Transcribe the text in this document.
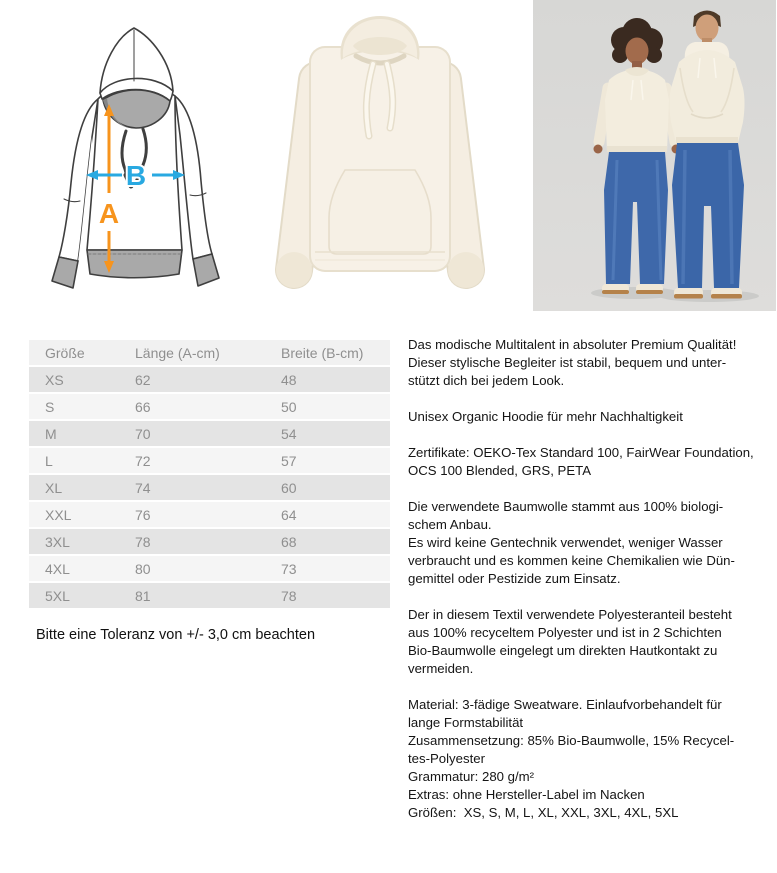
A
B
Größe	Länge (A-cm)	Breite (B-cm)
XS	62	48
S	66	50
M	70	54
L	72	57
XL	74	60
XXL	76	64
3XL	78	68
4XL	80	73
5XL	81	78
Bitte eine Toleranz von +/- 3,0 cm beachten
Das modische Multitalent in absoluter Premium Qualität!
Dieser stylische Begleiter ist stabil, bequem und unter-
stützt dich bei jedem Look.
Unisex Organic Hoodie für mehr Nachhaltigkeit
Zertifikate: OEKO-Tex Standard 100, FairWear Foundation,
OCS 100 Blended, GRS, PETA
Die verwendete Baumwolle stammt aus 100% biologi-
schem Anbau.
Es wird keine Gentechnik verwendet, weniger Wasser
verbraucht und es kommen keine Chemikalien wie Dün-
gemittel oder Pestizide zum Einsatz.
Der in diesem Textil verwendete Polyesteranteil besteht
aus 100% recyceltem Polyester und ist in 2 Schichten
Bio-Baumwolle eingelegt um direkten Hautkontakt zu
vermeiden.
Material: 3-fädige Sweatware. Einlaufvorbehandelt für
lange Formstabilität
Zusammensetzung: 85% Bio-Baumwolle, 15% Recycel-
tes-Polyester
Grammatur: 280 g/m²
Extras: ohne Hersteller-Label im Nacken
Größen:  XS, S, M, L, XL, XXL, 3XL, 4XL, 5XL
